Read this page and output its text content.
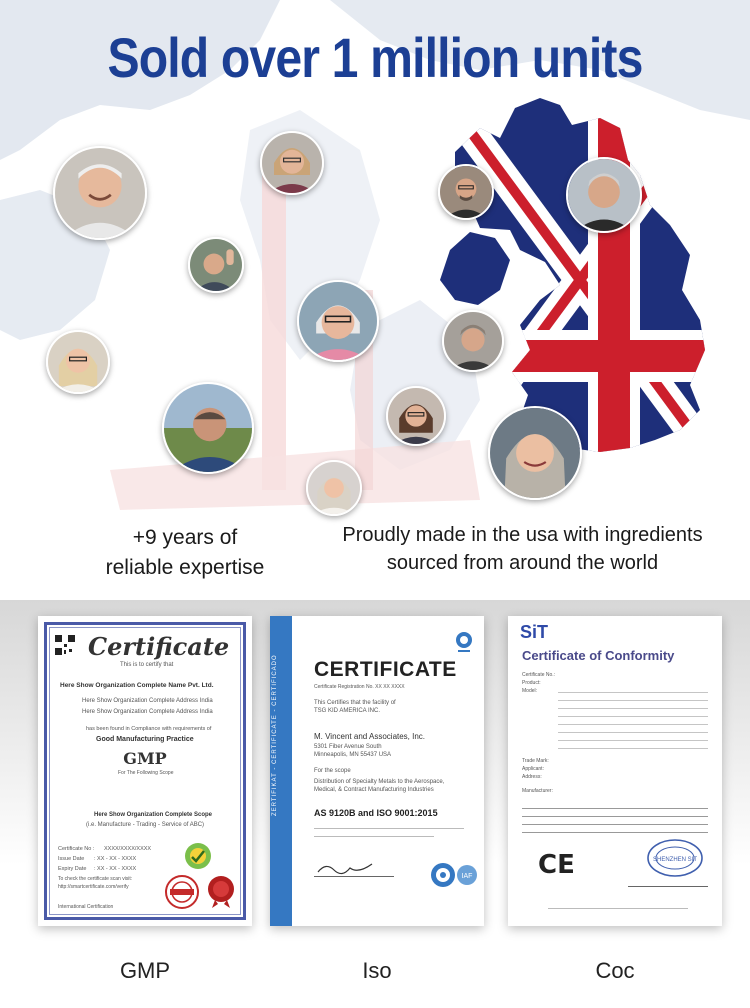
Sold over 1 million units
+9 years of
reliable expertise
Proudly made in the usa with ingredients
sourced from around the world
Certificate
This is to certify that
Here Show Organization Complete Name Pvt. Ltd.
Here Show Organization Complete Address India
Here Show Organization Complete Address India
has been found in Compliance with requirements of
Good Manufacturing Practice
GMP
For The Following Scope
Here Show Organization Complete Scope
(i.e. Manufacture - Trading - Service of ABC)
Certificate No : XXXX/XXXX/XXXX
Issue Date : XX - XX - XXXX
Expiry Date : XX - XX - XXXX
To check the certificate scan visit:
http://smartcertificate.com/verify
International Certification
GMP
ZERTIFIKAT - CERTIFICATE - CERTIFICADO CERTIFICATE
Certificate Registration No. XX XX XXXX
This Certifies that the facility of
TSG KID AMERICA INC.
M. Vincent and Associates, Inc.
5301 Fiber Avenue South
Minneapolis, MN 55437 USA
For the scope
Distribution of Specialty Metals to the Aerospace, Medical, & Contract Manufacturing Industries
AS 9120B and ISO 9001:2015
IAF
Iso
SiT
Certificate of Conformity
Certificate No.:
Product:
Model:
Trade Mark:
Applicant:
Address:
Manufacturer:
CE	SHENZHEN SIT
Coc
